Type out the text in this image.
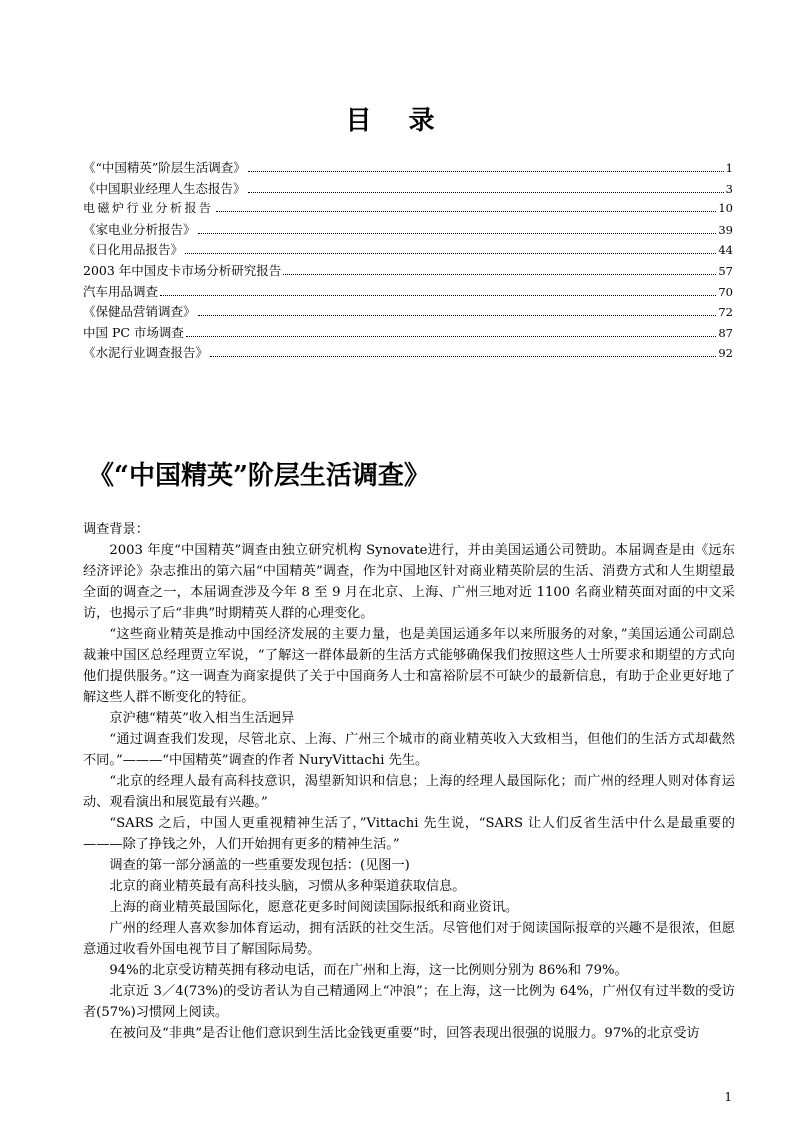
目 录
《“中国精英”阶层生活调查》	1
《中国职业经理人生态报告》	3
电磁炉行业分析报告	10
《家电业分析报告》	39
《日化用品报告》	44
2003 年中国皮卡市场分析研究报告	57
汽车用品调查	70
《保健品营销调查》	72
中国 PC 市场调查	87
《水泥行业调查报告》	92
《“中国精英”阶层生活调查》

调查背景：

2003 年度“中国精英”调查由独立研究机构 Synovate进行，并由美国运通公司赞助。本届调查是由《远东经济评论》杂志推出的第六届“中国精英”调查，作为中国地区针对商业精英阶层的生活、消费方式和人生期望最全面的调查之一，本届调查涉及今年 8 至 9 月在北京、上海、广州三地对近 1100 名商业精英面对面的中文采访，也揭示了后“非典”时期精英人群的心理变化。

“这些商业精英是推动中国经济发展的主要力量，也是美国运通多年以来所服务的对象，”美国运通公司副总裁兼中国区总经理贾立军说，“了解这一群体最新的生活方式能够确保我们按照这些人士所要求和期望的方式向他们提供服务。”这一调查为商家提供了关于中国商务人士和富裕阶层不可缺少的最新信息，有助于企业更好地了解这些人群不断变化的特征。

京沪穗“精英”收入相当生活迥异

“通过调查我们发现，尽管北京、上海、广州三个城市的商业精英收入大致相当，但他们的生活方式却截然不同。”———“中国精英”调查的作者 NuryVittachi 先生。

“北京的经理人最有高科技意识，渴望新知识和信息；上海的经理人最国际化；而广州的经理人则对体育运动、观看演出和展览最有兴趣。”

“SARS 之后，中国人更重视精神生活了，”Vittachi 先生说，“SARS 让人们反省生活中什么是最重要的———除了挣钱之外，人们开始拥有更多的精神生活。”

调查的第一部分涵盖的一些重要发现包括：(见图一)

北京的商业精英最有高科技头脑，习惯从多种渠道获取信息。

上海的商业精英最国际化，愿意花更多时间阅读国际报纸和商业资讯。

广州的经理人喜欢参加体育运动，拥有活跃的社交生活。尽管他们对于阅读国际报章的兴趣不是很浓，但愿意通过收看外国电视节目了解国际局势。

94%的北京受访精英拥有移动电话，而在广州和上海，这一比例则分别为 86%和 79%。

北京近 3／4(73%)的受访者认为自己精通网上“冲浪”；在上海，这一比例为 64%，广州仅有过半数的受访者(57%)习惯网上阅读。

在被问及“非典”是否让他们意识到生活比金钱更重要”时，回答表现出很强的说服力。97%的北京受访

1
